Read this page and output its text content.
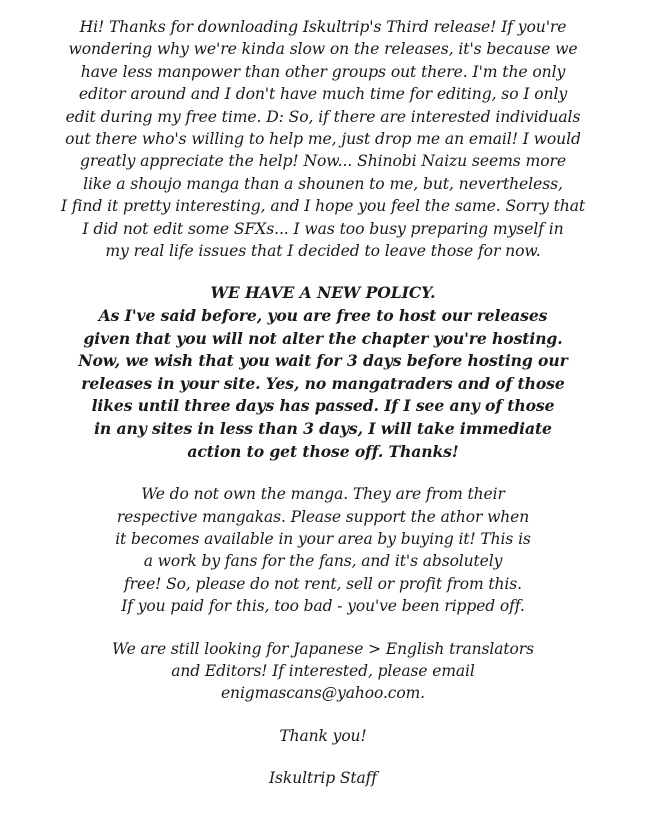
Hi! Thanks for downloading Iskultrip's Third release! If you're
wondering why we're kinda slow on the releases, it's because we
have less manpower than other groups out there. I'm the only
editor around and I don't have much time for editing, so I only
edit during my free time. D: So, if there are interested individuals
out there who's willing to help me, just drop me an email! I would
greatly appreciate the help! Now... Shinobi Naizu seems more
like a shoujo manga than a shounen to me, but, nevertheless,
I find it pretty interesting, and I hope you feel the same. Sorry that
I did not edit some SFXs... I was too busy preparing myself in
my real life issues that I decided to leave those for now.
WE HAVE A NEW POLICY.
As I've said before, you are free to host our releases
given that you will not alter the chapter you're hosting.
Now, we wish that you wait for 3 days before hosting our
releases in your site. Yes, no mangatraders and of those
likes until three days has passed. If I see any of those
in any sites in less than 3 days, I will take immediate
action to get those off. Thanks!
We do not own the manga. They are from their
respective mangakas. Please support the athor when
it becomes available in your area by buying it! This is
a work by fans for the fans, and it's absolutely
free! So, please do not rent, sell or profit from this.
If you paid for this, too bad - you've been ripped off.
We are still looking for Japanese > English translators
and Editors! If interested, please email
enigmascans@yahoo.com.
Thank you!
Iskultrip Staff
